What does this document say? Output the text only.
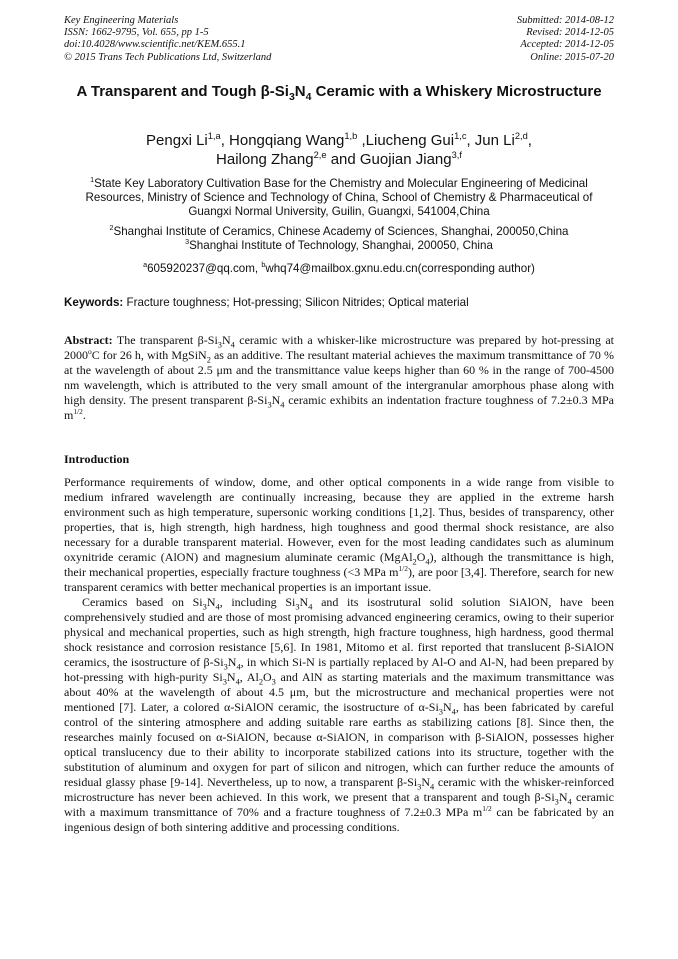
Key Engineering Materials
ISSN: 1662-9795, Vol. 655, pp 1-5
doi:10.4028/www.scientific.net/KEM.655.1
© 2015 Trans Tech Publications Ltd, Switzerland
Submitted: 2014-08-12
Revised: 2014-12-05
Accepted: 2014-12-05
Online: 2015-07-20
A Transparent and Tough $\beta-Si_3N_4$ Ceramic with a Whiskery Microstructure
Pengxi Li$^{1,a}$, Hongqiang Wang$^{1,b}$ ,Liucheng Gui$^{1,c}$, Jun Li$^{2,d}$,
Hailong Zhang$^{2,e}$ and Guojian Jiang$^{3,f}$
$^1$State Key Laboratory Cultivation Base for the Chemistry and Molecular Engineering of Medicinal Resources, Ministry of Science and Technology of China, School of Chemistry & Pharmaceutical of Guangxi Normal University, Guilin, Guangxi, 541004,China
$^2$Shanghai Institute of Ceramics, Chinese Academy of Sciences, Shanghai, 200050,China
$^3$Shanghai Institute of Technology, Shanghai, 200050, China
$^a$605920237@qq.com, $^b$whq74@mailbox.gxnu.edu.cn(corresponding author)
Keywords: Fracture toughness; Hot-pressing; Silicon Nitrides; Optical material
Abstract: The transparent $\beta-Si_3N_4$ ceramic with a whisker-like microstructure was prepared by hot-pressing at 2000$^o$C for 26 h, with MgSiN$_2$ as an additive. The resultant material achieves the maximum transmittance of 70 % at the wavelength of about 2.5 μm and the transmittance value keeps higher than 60 % in the range of 700-4500 nm wavelength, which is attributed to the very small amount of the intergranular amorphous phase along with high density. The present transparent $\beta-Si_3N_4$ ceramic exhibits an indentation fracture toughness of 7.2±0.3 MPa $m^{1/2}$.
Introduction

Performance requirements of window, dome, and other optical components in a wide range from visible to medium infrared wavelength are continually increasing, because they are applied in the extreme harsh environment such as high temperature, supersonic working conditions [1,2]. Thus, besides of transparency, other properties, that is, high strength, high hardness, high toughness and good thermal shock resistance, are also necessary for a durable transparent material. However, even for the most leading candidates such as aluminum oxynitride ceramic (AlON) and magnesium aluminate ceramic $(MgAl_2O_4)$, although the transmittance is high, their mechanical properties, especially fracture toughness (<3 MPa $m^{1/2}$), are poor [3,4]. Therefore, search for new transparent ceramics with better mechanical properties is an important issue.

Ceramics based on $Si_3N_4$, including $Si_3N_4$ and its isostrutural solid solution SiAlON, have been comprehensively studied and are those of most promising advanced engineering ceramics, owing to their superior physical and mechanical properties, such as high strength, high fracture toughness, high hardness, good thermal shock resistance and corrosion resistance [5,6]. In 1981, Mitomo et al. first reported that translucent β-SiAlON ceramics, the isostructure of $\beta-Si_3N_4$, in which Si-N is partially replaced by Al-O and Al-N, had been prepared by hot-pressing with high-purity $Si_3N_4$, $Al_2O_3$ and AlN as starting materials and the maximum transmittance was about 40% at the wavelength of about 4.5 μm, but the microstructure and mechanical properties were not mentioned [7]. Later, a colored α-SiAlON ceramic, the isostructure of $\alpha-Si_3N_4$, has been fabricated by careful control of the sintering atmosphere and adding suitable rare earths as stabilizing cations [8]. Since then, the researches mainly focused on α-SiAlON, because α-SiAlON, in comparison with β-SiAlON, possesses higher optical translucency due to their ability to incorporate stabilized cations into its structure, together with the substitution of aluminum and oxygen for part of silicon and nitrogen, which can further reduce the amounts of residual glassy phase [9-14]. Nevertheless, up to now, a transparent $\beta-Si_3N_4$ ceramic with the whisker-reinforced microstructure has never been achieved. In this work, we present that a transparent and tough $\beta-Si_3N_4$ ceramic with a maximum transmittance of 70% and a fracture toughness of 7.2±0.3 MPa $m^{1/2}$ can be fabricated by an ingenious design of both sintering additive and processing conditions.
